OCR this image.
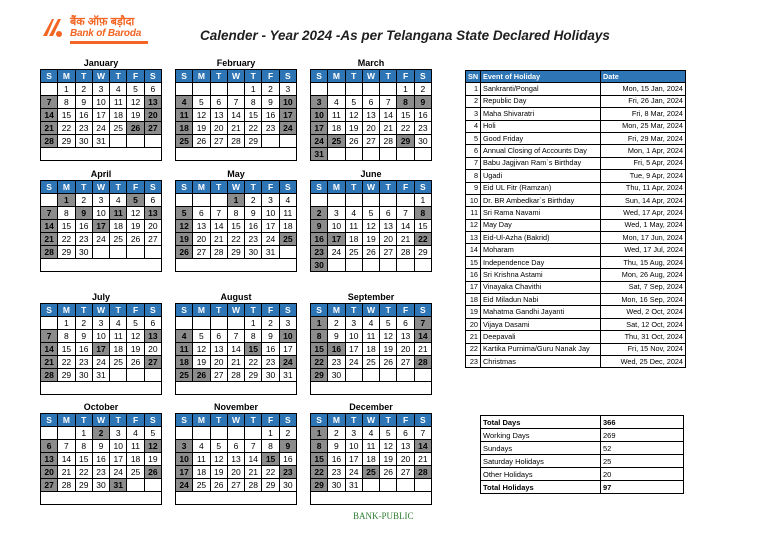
बैंक ऑफ़ बड़ौदा
Bank of Baroda	Calender - Year 2024 -As per Telangana State Declared Holidays
January
S	M	T	W	T	F	S
	1	2	3	4	5	6
7	8	9	10	11	12	13
14	15	16	17	18	19	20
21	22	23	24	25	26	27
28	29	30	31			

February
S	M	T	W	T	F	S
				1	2	3
4	5	6	7	8	9	10
11	12	13	14	15	16	17
18	19	20	21	22	23	24
25	26	27	28	29		

March
S	M	T	W	T	F	S
					1	2
3	4	5	6	7	8	9
10	11	12	13	14	15	16
17	18	19	20	21	22	23
24	25	26	27	28	29	30
31						
April
S	M	T	W	T	F	S
	1	2	3	4	5	6
7	8	9	10	11	12	13
14	15	16	17	18	19	20
21	22	23	24	25	26	27
28	29	30				

May
S	M	T	W	T	F	S
			1	2	3	4
5	6	7	8	9	10	11
12	13	14	15	16	17	18
19	20	21	22	23	24	25
26	27	28	29	30	31	

June
S	M	T	W	T	F	S
						1
2	3	4	5	6	7	8
9	10	11	12	13	14	15
16	17	18	19	20	21	22
23	24	25	26	27	28	29
30						
July
S	M	T	W	T	F	S
	1	2	3	4	5	6
7	8	9	10	11	12	13
14	15	16	17	18	19	20
21	22	23	24	25	26	27
28	29	30	31			

August
S	M	T	W	T	F	S
				1	2	3
4	5	6	7	8	9	10
11	12	13	14	15	16	17
18	19	20	21	22	23	24
25	26	27	28	29	30	31

September
S	M	T	W	T	F	S
1	2	3	4	5	6	7
8	9	10	11	12	13	14
15	16	17	18	19	20	21
22	23	24	25	26	27	28
29	30					

October
S	M	T	W	T	F	S
		1	2	3	4	5
6	7	8	9	10	11	12
13	14	15	16	17	18	19
20	21	22	23	24	25	26
27	28	29	30	31		

November
S	M	T	W	T	F	S
					1	2
3	4	5	6	7	8	9
10	11	12	13	14	15	16
17	18	19	20	21	22	23
24	25	26	27	28	29	30

December
S	M	T	W	T	F	S
1	2	3	4	5	6	7
8	9	10	11	12	13	14
15	16	17	18	19	20	21
22	23	24	25	26	27	28
29	30	31				

SN	Event of Holiday	Date
1	Sankranti/Pongal	Mon, 15 Jan, 2024
2	Republic Day	Fri, 26 Jan, 2024
3	Maha Shivaratri	Fri, 8 Mar, 2024
4	Holi	Mon, 25 Mar, 2024
5	Good Friday	Fri, 29 Mar, 2024
6	Annual Closing of Accounts Day	Mon, 1 Apr, 2024
7	Babu Jagjivan Ram`s Birthday	Fri, 5 Apr, 2024
8	Ugadi	Tue, 9 Apr, 2024
9	Eid UL Fitr (Ramzan)	Thu, 11 Apr, 2024
10	Dr. BR Ambedkar`s Birthday	Sun, 14 Apr, 2024
11	Sri Rama Navami	Wed, 17 Apr, 2024
12	May Day	Wed, 1 May, 2024
13	Eid-Ul-Azha (Bakrid)	Mon, 17 Jun, 2024
14	Moharam	Wed, 17 Jul, 2024
15	Independence Day	Thu, 15 Aug, 2024
16	Sri Krishna Astami	Mon, 26 Aug, 2024
17	Vinayaka Chavithi	Sat, 7 Sep, 2024
18	Eid Miladun Nabi	Mon, 16 Sep, 2024
19	Mahatma Gandhi Jayanti	Wed, 2 Oct, 2024
20	Vijaya Dasami	Sat, 12 Oct, 2024
21	Deepavali	Thu, 31 Oct, 2024
22	Kartika Purnima/Guru Nanak Jay	Fri, 15 Nov, 2024
23	Christmas	Wed, 25 Dec, 2024
Total Days	366
Working Days	269
Sundays	52
Saturday Holidays	25
Other Holidays	20
Total Holidays	97
BANK-PUBLIC
